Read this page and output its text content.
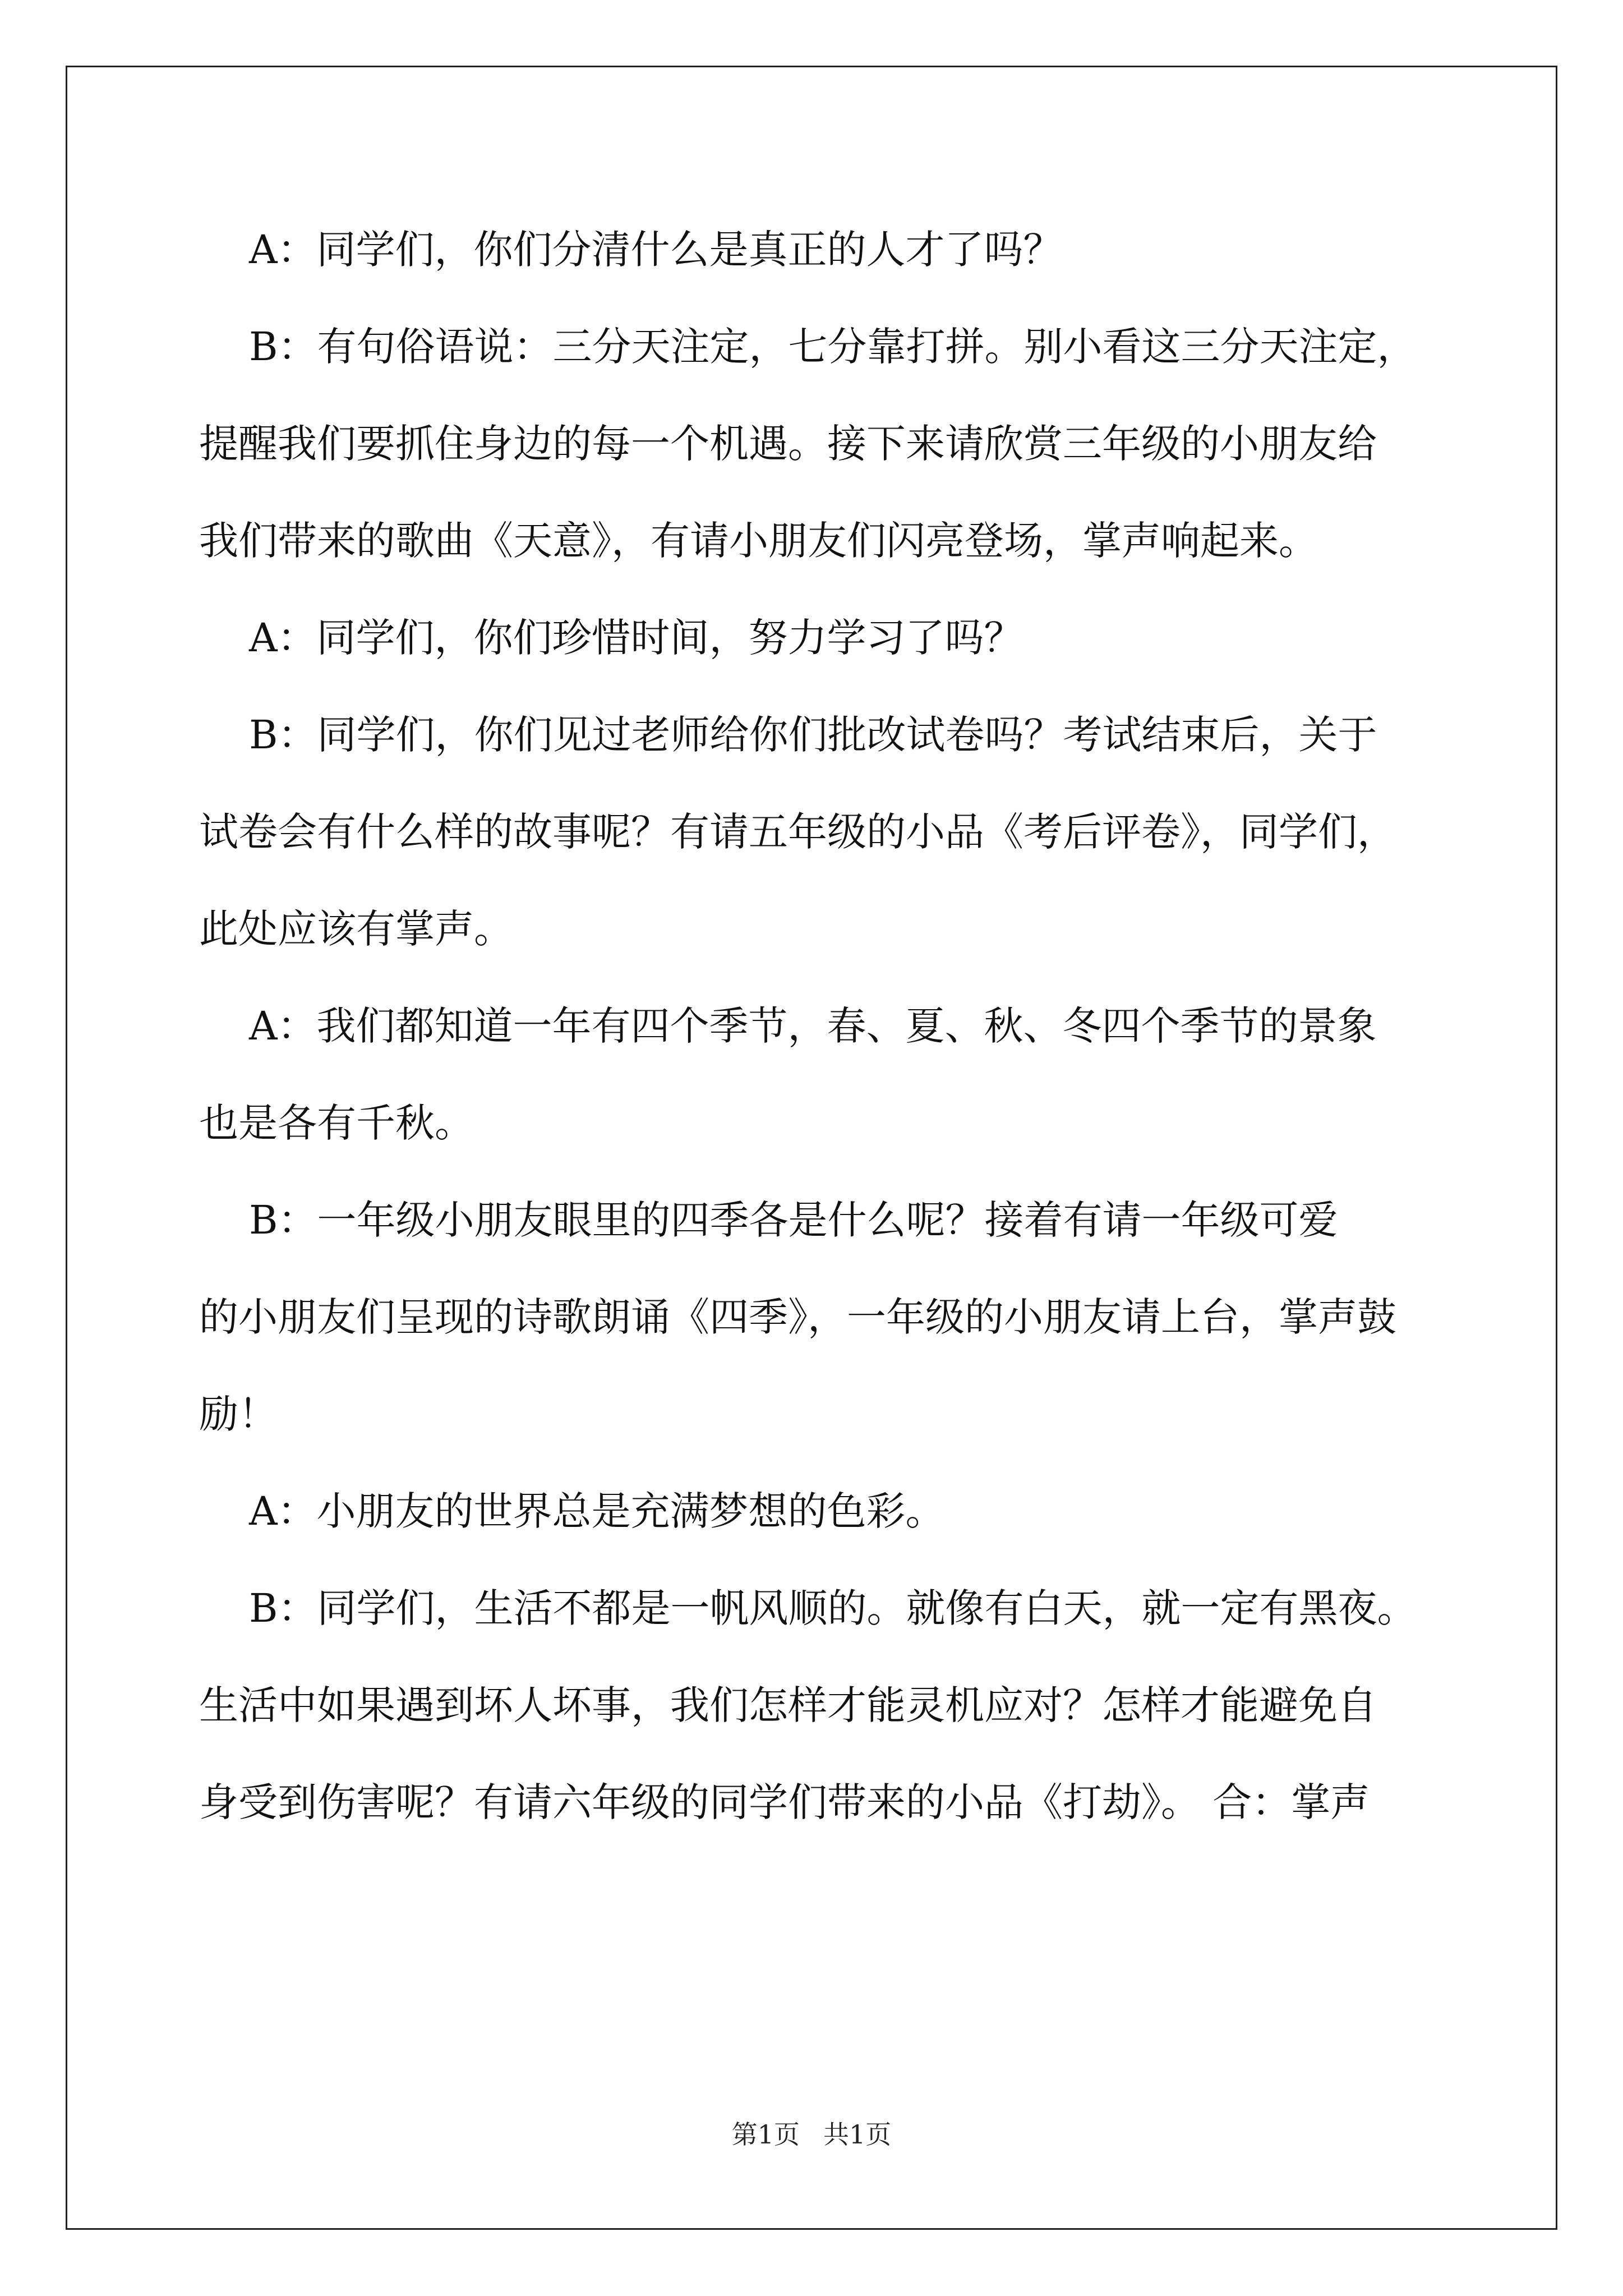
A：同学们，你们分清什么是真正的人才了吗？
B：有句俗语说：三分天注定，七分靠打拼。别小看这三分天注定，
提醒我们要抓住身边的每一个机遇。接下来请欣赏三年级的小朋友给
我们带来的歌曲《天意》，有请小朋友们闪亮登场，掌声响起来。
A：同学们，你们珍惜时间，努力学习了吗？
B：同学们，你们见过老师给你们批改试卷吗？考试结束后，关于
试卷会有什么样的故事呢？有请五年级的小品《考后评卷》，同学们，
此处应该有掌声。
A：我们都知道一年有四个季节，春、夏、秋、冬四个季节的景象
也是各有千秋。
B：一年级小朋友眼里的四季各是什么呢？接着有请一年级可爱
的小朋友们呈现的诗歌朗诵《四季》，一年级的小朋友请上台，掌声鼓
励！
A：小朋友的世界总是充满梦想的色彩。
B：同学们，生活不都是一帆风顺的。就像有白天，就一定有黑夜。
生活中如果遇到坏人坏事，我们怎样才能灵机应对？怎样才能避免自
身受到伤害呢？有请六年级的同学们带来的小品《打劫》。 合：掌声
第1页 共1页
